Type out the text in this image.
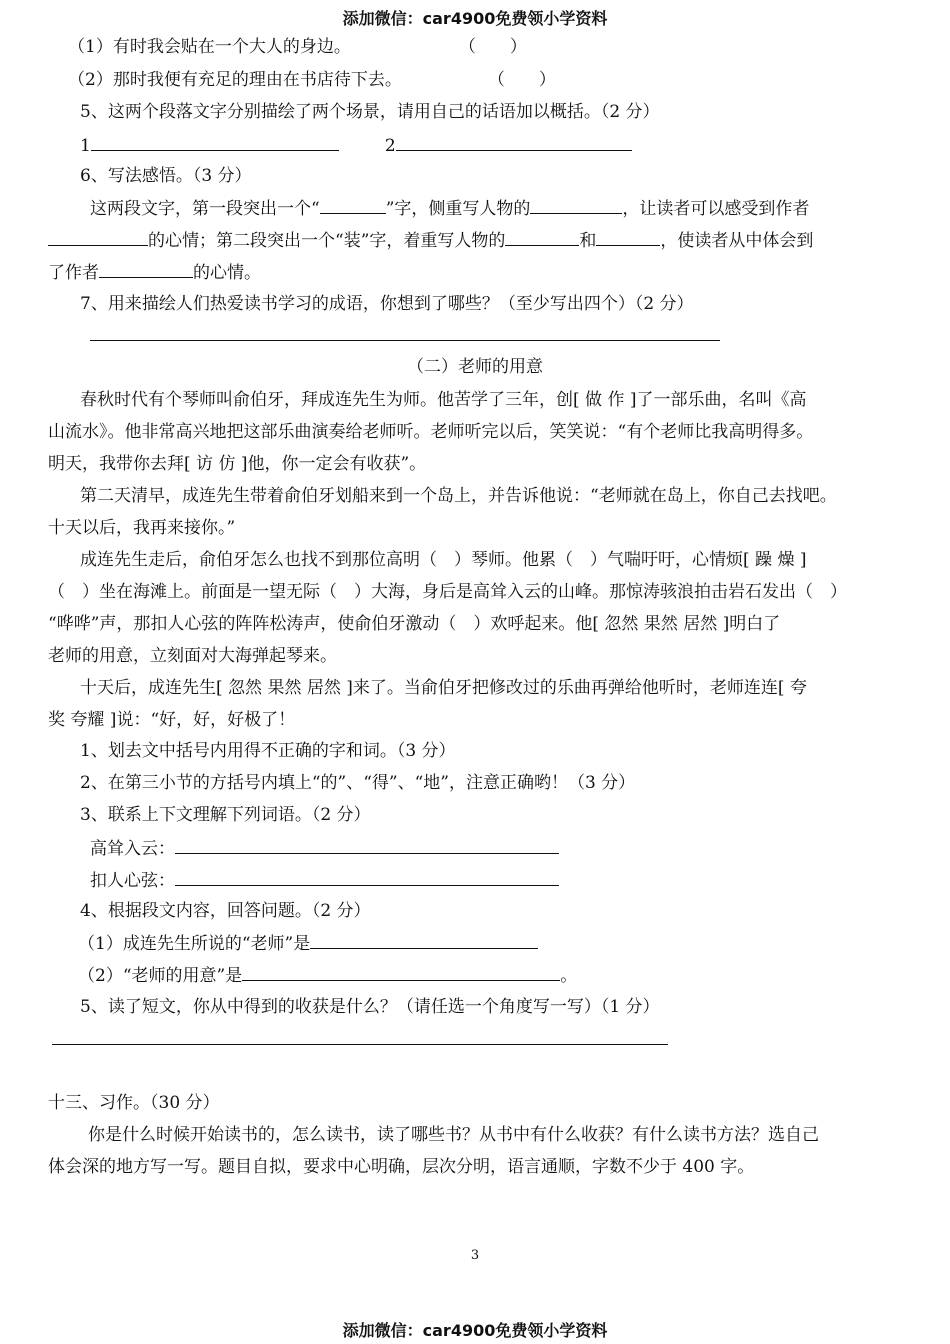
添加微信：car4900免费领小学资料
（1）有时我会贴在一个大人的身边。	（　　）
（2）那时我便有充足的理由在书店待下去。	（　　）
5、这两个段落文字分别描绘了两个场景，请用自己的话语加以概括。（2 分）
1	2
6、写法感悟。（3 分）
这两段文字，第一段突出一个“	”字，侧重写人物的	，让读者可以感受到作者
的心情；第二段突出一个“装”字，着重写人物的	和	，使读者从中体会到
了作者	的心情。
7、用来描绘人们热爱读书学习的成语，你想到了哪些？（至少写出四个）（2 分）
（二）老师的用意
春秋时代有个琴师叫俞伯牙，拜成连先生为师。他苦学了三年，创[ 做 作 ]了一部乐曲，名叫《高
山流水》。他非常高兴地把这部乐曲演奏给老师听。老师听完以后，笑笑说：“有个老师比我高明得多。
明天，我带你去拜[ 访 仿 ]他，你一定会有收获”。
第二天清早，成连先生带着俞伯牙划船来到一个岛上，并告诉他说：“老师就在岛上，你自己去找吧。
十天以后，我再来接你。”
成连先生走后，俞伯牙怎么也找不到那位高明（　）琴师。他累（　）气喘吁吁，心情烦[ 躁 燥 ]
（　）坐在海滩上。前面是一望无际（　）大海，身后是高耸入云的山峰。那惊涛骇浪拍击岩石发出（　）
“哗哗”声，那扣人心弦的阵阵松涛声，使俞伯牙激动（　）欢呼起来。他[ 忽然 果然 居然 ]明白了
老师的用意，立刻面对大海弹起琴来。
十天后，成连先生[ 忽然 果然 居然 ]来了。当俞伯牙把修改过的乐曲再弹给他听时，老师连连[ 夸
奖 夸耀 ]说：“好，好，好极了！
1、划去文中括号内用得不正确的字和词。（3 分）
2、在第三小节的方括号内填上“的”、“得”、“地”，注意正确哟！（3 分）
3、联系上下文理解下列词语。（2 分）
高耸入云：
扣人心弦：
4、根据段文内容，回答问题。（2 分）
（1）成连先生所说的“老师”是
（2）“老师的用意”是	。
5、读了短文，你从中得到的收获是什么？（请任选一个角度写一写）（1 分）
十三、习作。（30 分）
你是什么时候开始读书的，怎么读书，读了哪些书？从书中有什么收获？有什么读书方法？选自己
体会深的地方写一写。题目自拟，要求中心明确，层次分明，语言通顺，字数不少于 400 字。
3
添加微信：car4900免费领小学资料
